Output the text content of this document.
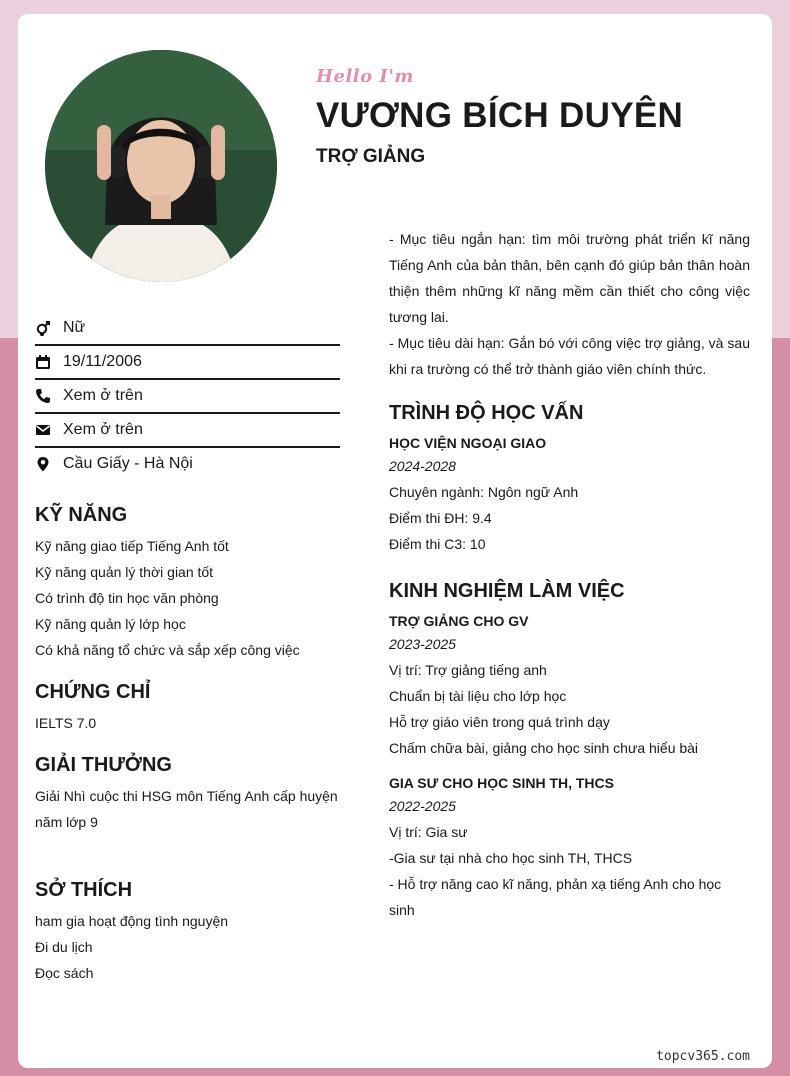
Hello I'm
VƯƠNG BÍCH DUYÊN
TRỢ GIẢNG
Nữ
19/11/2006
Xem ở trên
Xem ở trên
Cầu Giấy - Hà Nội
KỸ NĂNG
Kỹ năng giao tiếp Tiếng Anh tốt
Kỹ năng quản lý thời gian tốt
Có trình độ tin học văn phòng
Kỹ năng quản lý lớp học
Có khả năng tổ chức và sắp xếp công việc
CHỨNG CHỈ
IELTS 7.0
GIẢI THƯỞNG
Giải Nhì cuộc thi HSG môn Tiếng Anh cấp huyện năm lớp 9
SỞ THÍCH
ham gia hoạt động tình nguyện
Đi du lịch
Đọc sách
- Mục tiêu ngắn hạn: tìm môi trường phát triển kĩ năng Tiếng Anh của bản thân, bên cạnh đó giúp bản thân hoàn thiện thêm những kĩ năng mềm cần thiết cho công việc tương lai.
- Mục tiêu dài hạn: Gắn bó với công việc trợ giảng, và sau khi ra trường có thể trở thành giáo viên chính thức.
TRÌNH ĐỘ HỌC VẤN
HỌC VIỆN NGOẠI GIAO
2024-2028
Chuyên ngành: Ngôn ngữ Anh
Điểm thi ĐH: 9.4
Điểm thi C3: 10
KINH NGHIỆM LÀM VIỆC
TRỢ GIẢNG CHO GV
2023-2025
Vị trí: Trợ giảng tiếng anh
Chuẩn bị tài liệu cho lớp học
Hỗ trợ giáo viên trong quá trình dạy
Chấm chữa bài, giảng cho học sinh chưa hiểu bài
GIA SƯ CHO HỌC SINH TH, THCS
2022-2025
Vị trí: Gia sư
-Gia sư tại nhà cho học sinh TH, THCS
- Hỗ trợ năng cao kĩ năng, phản xạ tiếng Anh cho học sinh
topcv365.com
